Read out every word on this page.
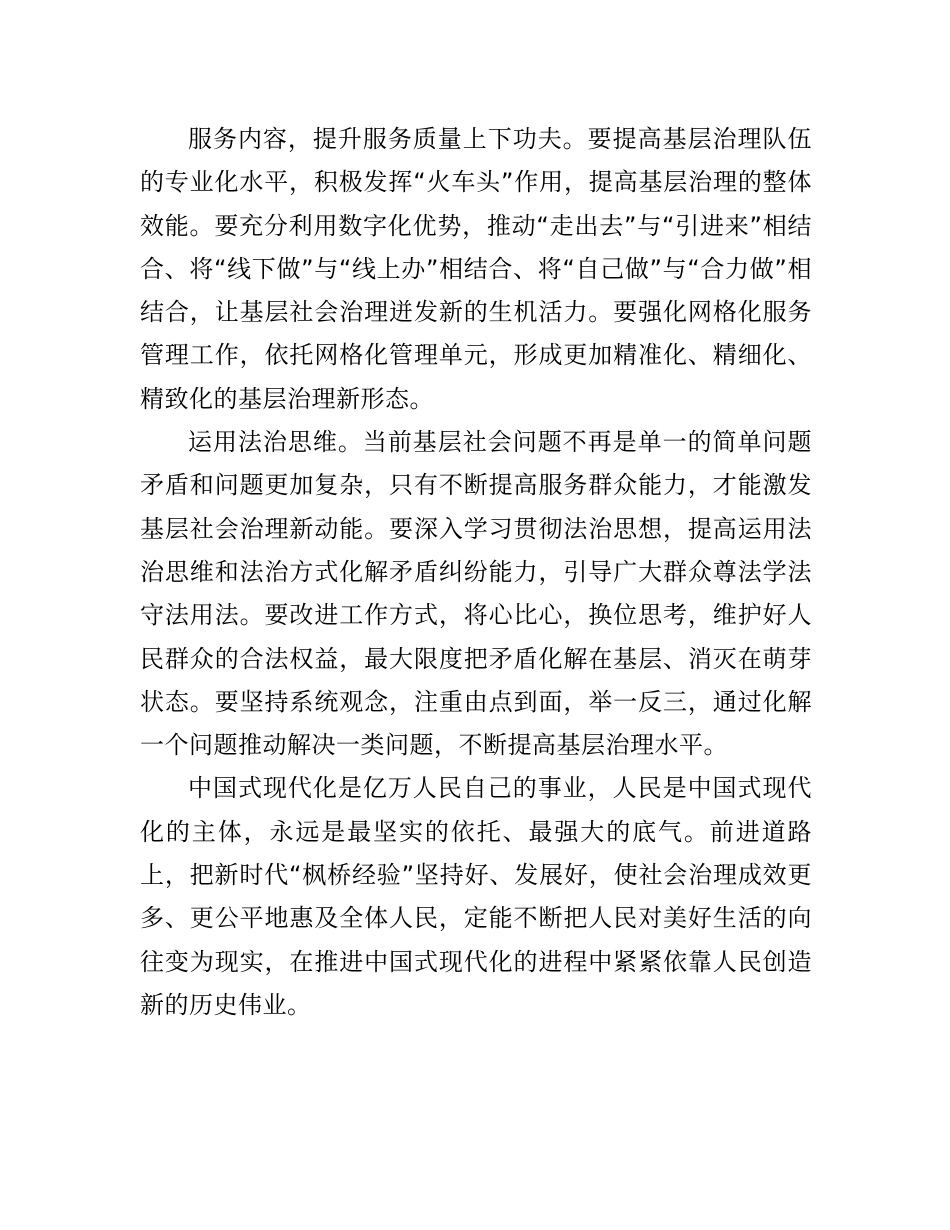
服务内容，提升服务质量上下功夫。要提高基层治理队伍的专业化水平，积极发挥“火车头”作用，提高基层治理的整体效能。要充分利用数字化优势，推动“走出去”与“引进来”相结合、将“线下做”与“线上办”相结合、将“自己做”与“合力做”相结合，让基层社会治理迸发新的生机活力。要强化网格化服务管理工作，依托网格化管理单元，形成更加精准化、精细化、精致化的基层治理新形态。

运用法治思维。当前基层社会问题不再是单一的简单问题矛盾和问题更加复杂，只有不断提高服务群众能力，才能激发基层社会治理新动能。要深入学习贯彻法治思想，提高运用法治思维和法治方式化解矛盾纠纷能力，引导广大群众尊法学法守法用法。要改进工作方式，将心比心，换位思考，维护好人民群众的合法权益，最大限度把矛盾化解在基层、消灭在萌芽状态。要坚持系统观念，注重由点到面，举一反三，通过化解一个问题推动解决一类问题，不断提高基层治理水平。

中国式现代化是亿万人民自己的事业，人民是中国式现代化的主体，永远是最坚实的依托、最强大的底气。前进道路上，把新时代“枫桥经验”坚持好、发展好，使社会治理成效更多、更公平地惠及全体人民，定能不断把人民对美好生活的向往变为现实，在推进中国式现代化的进程中紧紧依靠人民创造新的历史伟业。
